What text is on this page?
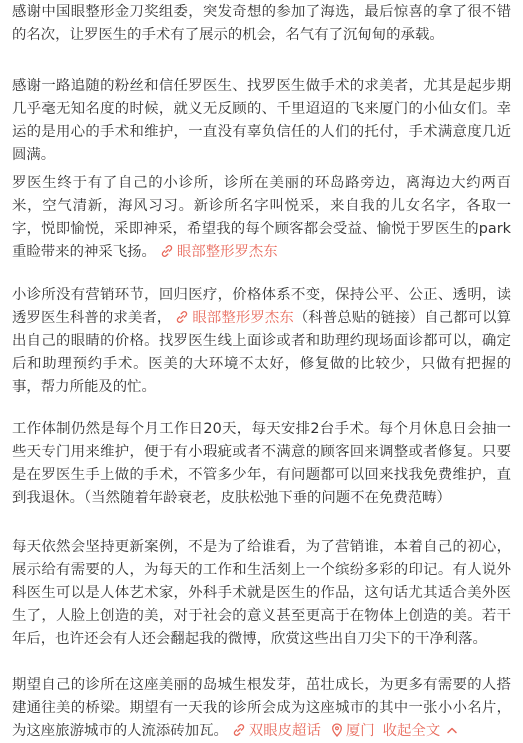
感谢中国眼整形金刀奖组委，突发奇想的参加了海选，最后惊喜的拿了很不错的名次，让罗医生的手术有了展示的机会，名气有了沉甸甸的承载。

感谢一路追随的粉丝和信任罗医生、找罗医生做手术的求美者，尤其是起步期几乎毫无知名度的时候，就义无反顾的、千里迢迢的飞来厦门的小仙女们。幸运的是用心的手术和维护，一直没有辜负信任的人们的托付，手术满意度几近圆满。

罗医生终于有了自己的小诊所，诊所在美丽的环岛路旁边，离海边大约两百米，空气清新，海风习习。新诊所名字叫悦采，来自我的儿女名字，各取一字，悦即愉悦，采即神采，希望我的每个顾客都会受益、愉悦于罗医生的park重睑带来的神采飞扬。 眼部整形罗杰东

小诊所没有营销环节，回归医疗，价格体系不变，保持公平、公正、透明，读透罗医生科普的求美者， 眼部整形罗杰东（科普总贴的链接）自己都可以算出自己的眼睛的价格。找罗医生线上面诊或者和助理约现场面诊都可以，确定后和助理预约手术。医美的大环境不太好，修复做的比较少，只做有把握的事，帮力所能及的忙。

工作体制仍然是每个月工作日20天，每天安排2台手术。每个月休息日会抽一些天专门用来维护，便于有小瑕疵或者不满意的顾客回来调整或者修复。只要是在罗医生手上做的手术，不管多少年，有问题都可以回来找我免费维护，直到我退休。（当然随着年龄衰老，皮肤松弛下垂的问题不在免费范畴）

每天依然会坚持更新案例，不是为了给谁看，为了营销谁，本着自己的初心，展示给有需要的人，为每天的工作和生活刻上一个缤纷多彩的印记。有人说外科医生可以是人体艺术家，外科手术就是医生的作品，这句话尤其适合美外医生了，人脸上创造的美，对于社会的意义甚至更高于在物体上创造的美。若干年后，也许还会有人还会翻起我的微博，欣赏这些出自刀尖下的干净利落。

期望自己的诊所在这座美丽的岛城生根发芽，茁壮成长，为更多有需要的人搭建通往美的桥梁。期望有一天我的诊所会成为这座城市的其中一张小小名片，为这座旅游城市的人流添砖加瓦。 双眼皮超话 厦门 收起全文
